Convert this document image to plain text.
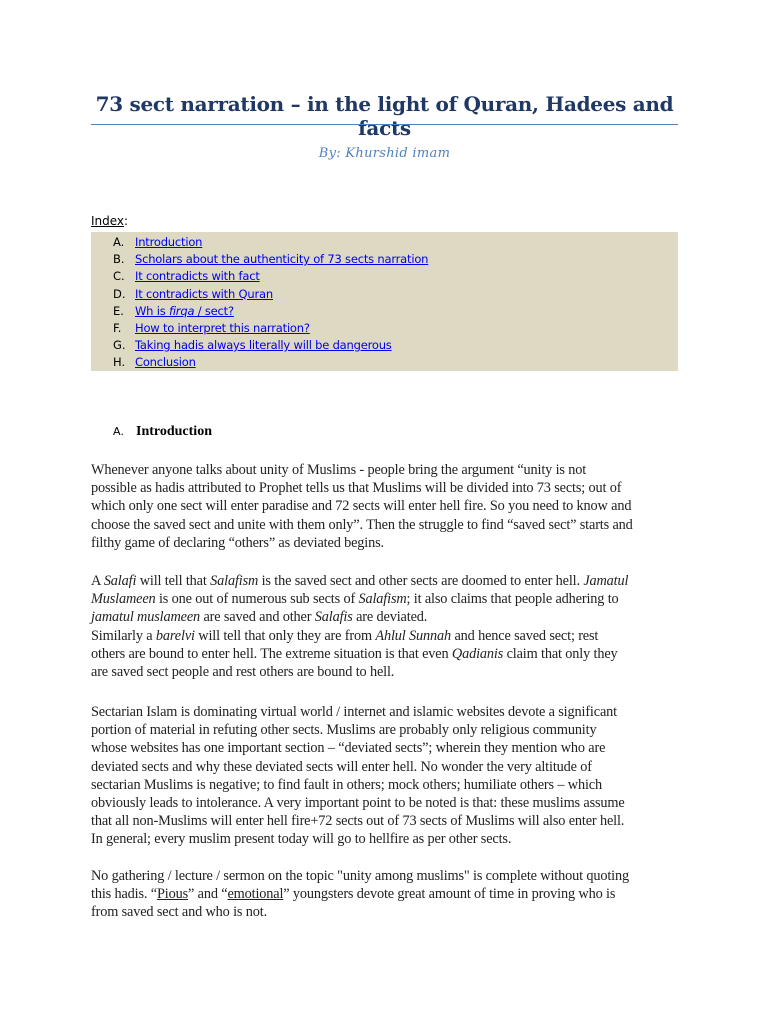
73 sect narration – in the light of Quran, Hadees and facts
By: Khurshid imam
Index:
A. Introduction
B. Scholars about the authenticity of 73 sects narration
C. It contradicts with fact
D. It contradicts with Quran
E. Wh is firqa / sect?
F. How to interpret this narration?
G. Taking hadis always literally will be dangerous
H. Conclusion
A. Introduction
Whenever anyone talks about unity of Muslims - people bring the argument “unity is not
possible as hadis attributed to Prophet tells us that Muslims will be divided into 73 sects; out of
which only one sect will enter paradise and 72 sects will enter hell fire. So you need to know and
choose the saved sect and unite with them only”. Then the struggle to find “saved sect” starts and
filthy game of declaring “others” as deviated begins.
A Salafi will tell that Salafism is the saved sect and other sects are doomed to enter hell. Jamatul
Muslameen is one out of numerous sub sects of Salafism; it also claims that people adhering to
jamatul muslameen are saved and other Salafis are deviated.
Similarly a barelvi will tell that only they are from Ahlul Sunnah and hence saved sect; rest
others are bound to enter hell. The extreme situation is that even Qadianis claim that only they
are saved sect people and rest others are bound to hell.
Sectarian Islam is dominating virtual world / internet and islamic websites devote a significant
portion of material in refuting other sects. Muslims are probably only religious community
whose websites has one important section – “deviated sects”; wherein they mention who are
deviated sects and why these deviated sects will enter hell. No wonder the very altitude of
sectarian Muslims is negative; to find fault in others; mock others; humiliate others – which
obviously leads to intolerance. A very important point to be noted is that: these muslims assume
that all non-Muslims will enter hell fire+72 sects out of 73 sects of Muslims will also enter hell.
In general; every muslim present today will go to hellfire as per other sects.
No gathering / lecture / sermon on the topic "unity among muslims" is complete without quoting
this hadis. “Pious” and “emotional” youngsters devote great amount of time in proving who is
from saved sect and who is not.
